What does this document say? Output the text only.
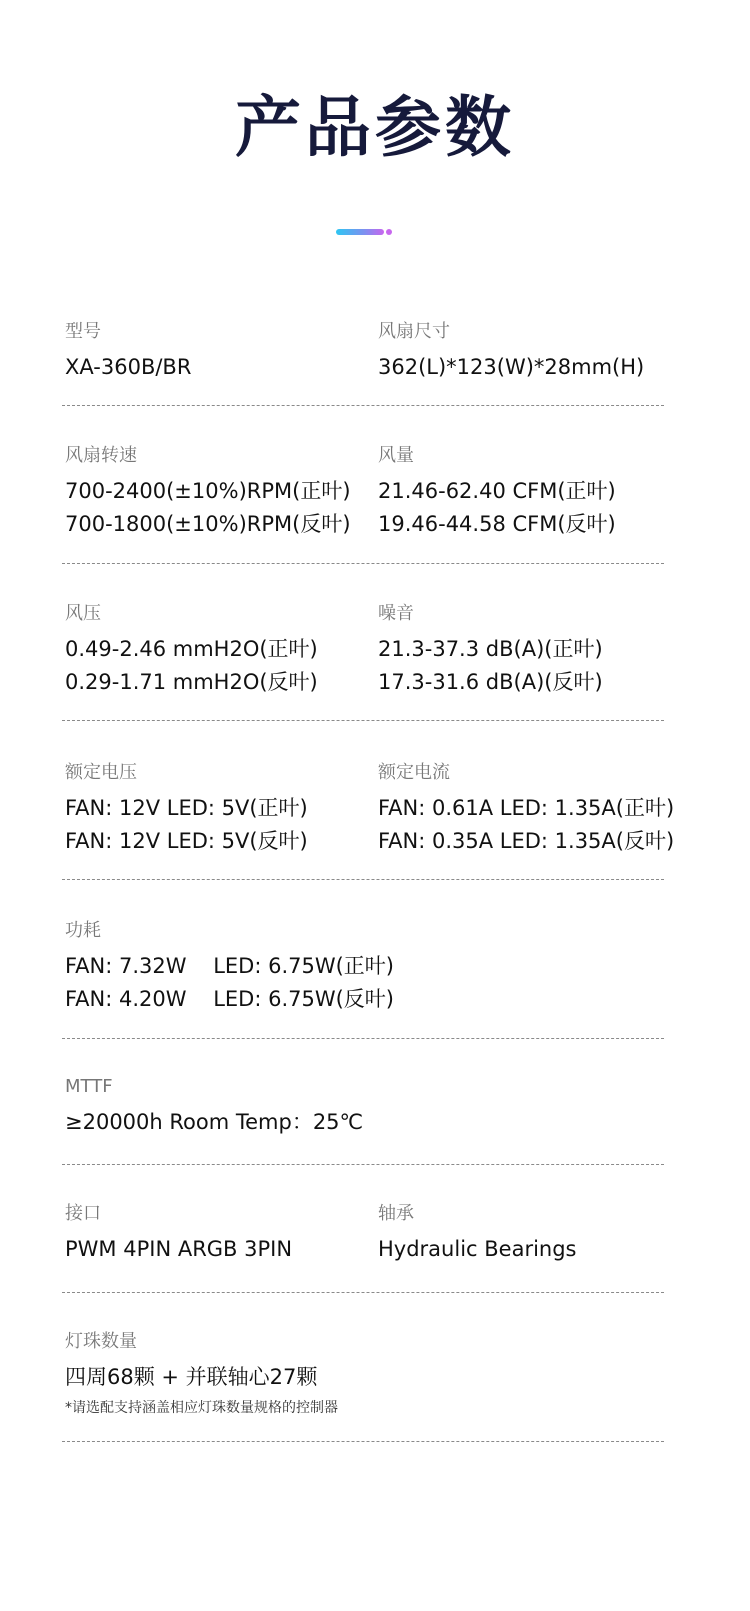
产品参数
型号
XA-360B/BR
风扇尺寸
362(L)*123(W)*28mm(H)
风扇转速
700-2400(±10%)RPM(正叶)
700-1800(±10%)RPM(反叶)
风量
21.46-62.40 CFM(正叶)
19.46-44.58 CFM(反叶)
风压
0.49-2.46 mmH2O(正叶)
0.29-1.71 mmH2O(反叶)
噪音
21.3-37.3 dB(A)(正叶)
17.3-31.6 dB(A)(反叶)
额定电压
FAN: 12V LED: 5V(正叶)
FAN: 12V LED: 5V(反叶)
额定电流
FAN: 0.61A LED: 1.35A(正叶)
FAN: 0.35A LED: 1.35A(反叶)
功耗
FAN: 7.32W    LED: 6.75W(正叶)
FAN: 4.20W    LED: 6.75W(反叶)
MTTF
≥20000h Room Temp：25℃
接口
PWM 4PIN ARGB 3PIN
轴承
Hydraulic Bearings
灯珠数量
四周68颗 + 并联轴心27颗
*请选配支持涵盖相应灯珠数量规格的控制器
